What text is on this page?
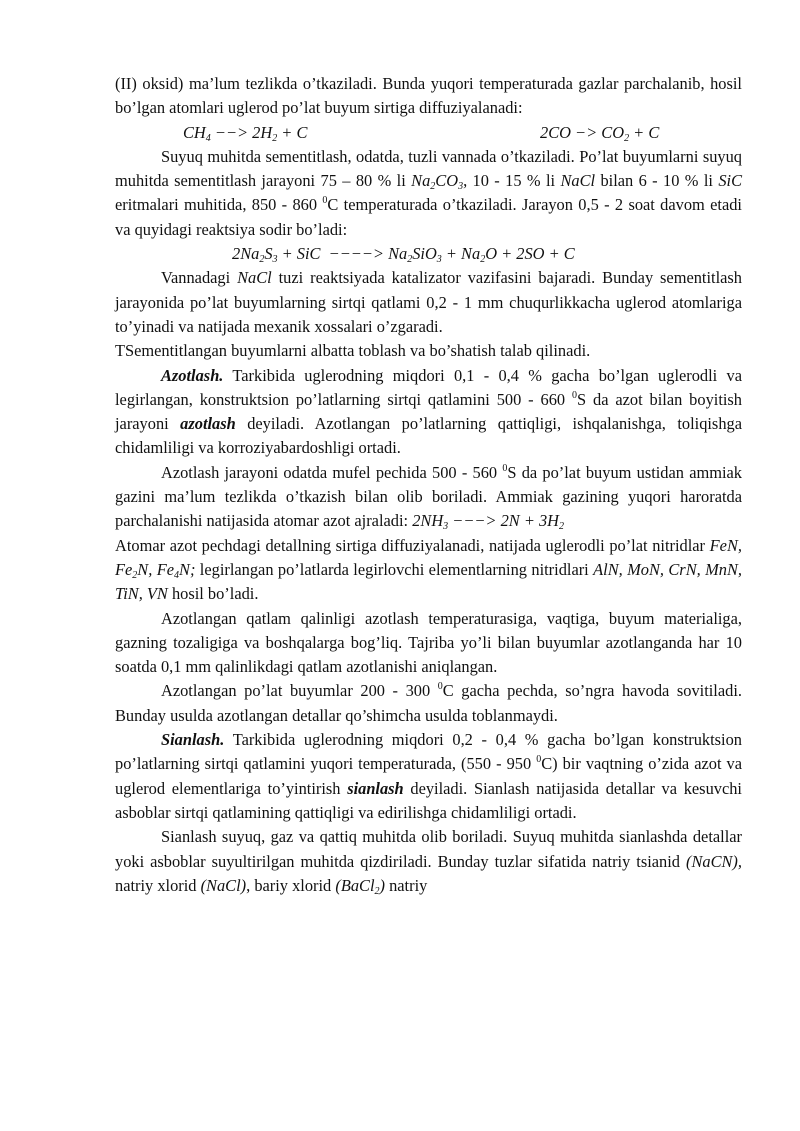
(II) oksid) ma’lum tezlikda o’tkaziladi. Bunda yuqori temperaturada gazlar parchalanib, hosil bo’lgan atomlari uglerod po’lat buyum sirtiga diffuziyalanadi:

$CH_4$ −−> $2H_2 + C$

	$2CO -> CO_2 + C$

Suyuq muhitda sementitlash, odatda, tuzli vannada o’tkaziladi. Po’lat buyumlarni suyuq muhitda sementitlash jarayoni 75 – 80 % li $Na_2CO_3$, 10 - 15 % li NaCl bilan 6 - 10 % li SiC eritmalari muhitida, 850 - 860 $^0$C temperaturada o’tkaziladi. Jarayon 0,5 - 2 soat davom etadi va quyidagi reaktsiya sodir bo’ladi:

$2Na_2S_3$ + SiC  −−−−> $Na_2SiO_3 + Na_2O + 2SO + C$

Vannadagi NaCl tuzi reaktsiyada katalizator vazifasini bajaradi. Bunday sementitlash jarayonida po’lat buyumlarning sirtqi qatlami 0,2 - 1 mm chuqurlikkacha uglerod atomlariga to’yinadi va natijada mexanik xossalari o’zgaradi.

TSementitlangan buyumlarni albatta toblash va bo’shatish talab qilinadi.

Azotlash. Tarkibida uglerodning miqdori 0,1 - 0,4 % gacha bo’lgan uglerodli va legirlangan, konstruktsion po’latlarning sirtqi qatlamini 500 - 660 $^0$S da azot bilan boyitish jarayoni azotlash deyiladi. Azotlangan po’latlarning qattiqligi, ishqalanishga, toliqishga chidamliligi va korroziyabardoshligi ortadi.

Azotlash jarayoni odatda mufel pechida 500 - 560 $^0$S da po’lat buyum ustidan ammiak gazini ma’lum tezlikda o’tkazish bilan olib boriladi. Ammiak gazining yuqori haroratda parchalanishi natijasida atomar azot ajraladi: $2NH_3$ −−−> $2N + 3H_2$

Atomar azot pechdagi detallning sirtiga diffuziyalanadi, natijada uglerodli po’lat nitridlar FeN, $Fe_2N$, $Fe_4N$; legirlangan po’latlarda legirlovchi elementlarning nitridlari AlN, MoN, CrN, MnN, TiN, VN hosil bo’ladi.

Azotlangan qatlam qalinligi azotlash temperaturasiga, vaqtiga, buyum materialiga, gazning tozaligiga va boshqalarga bog’liq. Tajriba yo’li bilan buyumlar azotlanganda har 10 soatda 0,1 mm qalinlikdagi qatlam azotlanishi aniqlangan.

Azotlangan po’lat buyumlar 200 - 300 $^0$C gacha pechda, so’ngra havoda sovitiladi. Bunday usulda azotlangan detallar qo’shimcha usulda toblanmaydi.

Sianlash. Tarkibida uglerodning miqdori 0,2 - 0,4 % gacha bo’lgan konstruktsion po’latlarning sirtqi qatlamini yuqori temperaturada, (550 - 950 $^0$C) bir vaqtning o’zida azot va uglerod elementlariga to’yintirish sianlash deyiladi. Sianlash natijasida detallar va kesuvchi asboblar sirtqi qatlamining qattiqligi va edirilishga chidamliligi ortadi.

Sianlash suyuq, gaz va qattiq muhitda olib boriladi. Suyuq muhitda sianlashda detallar yoki asboblar suyultirilgan muhitda qizdiriladi. Bunday tuzlar sifatida natriy tsianid (NaCN), natriy xlorid (NaCl), bariy xlorid (BaCl$_2$) natriy
